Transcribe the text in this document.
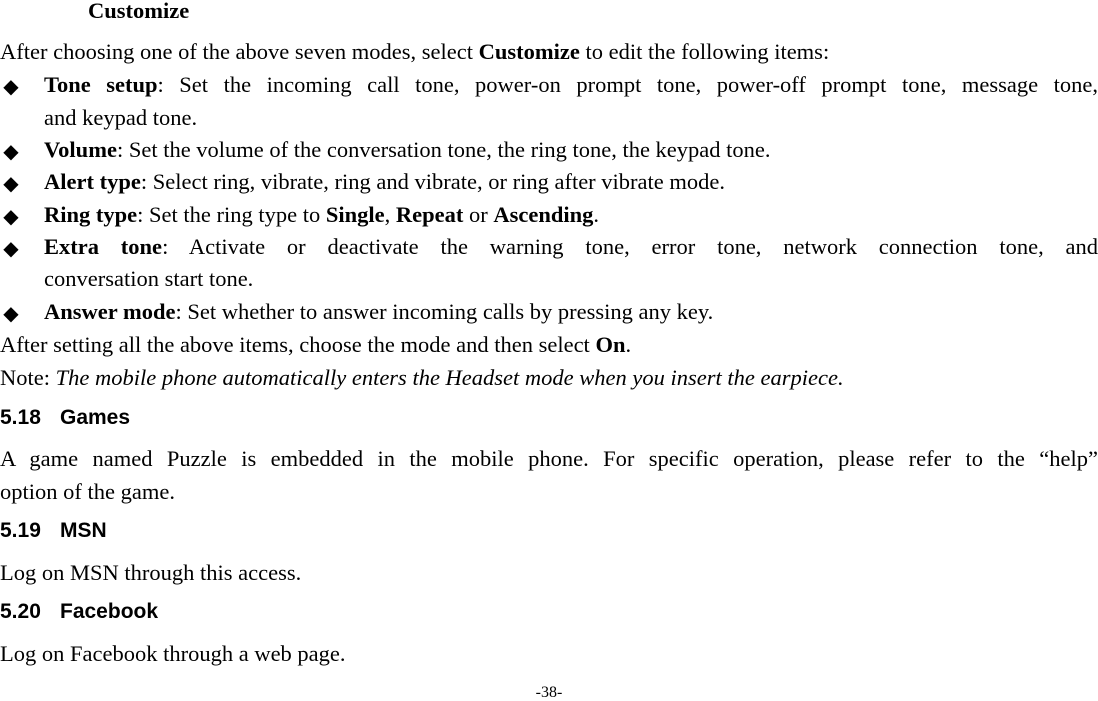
Customize
After choosing one of the above seven modes, select Customize to edit the following items:
◆ Tone setup: Set the incoming call tone, power-on prompt tone, power-off prompt tone, message tone,
and keypad tone.
◆ Volume: Set the volume of the conversation tone, the ring tone, the keypad tone.
◆ Alert type: Select ring, vibrate, ring and vibrate, or ring after vibrate mode.
◆ Ring type: Set the ring type to Single, Repeat or Ascending.
◆ Extra tone: Activate or deactivate the warning tone, error tone, network connection tone, and
conversation start tone.
◆ Answer mode: Set whether to answer incoming calls by pressing any key.
After setting all the above items, choose the mode and then select On.
Note: The mobile phone automatically enters the Headset mode when you insert the earpiece.
5.18 Games
A game named Puzzle is embedded in the mobile phone. For specific operation, please refer to the “help”
option of the game.
5.19 MSN
Log on MSN through this access.
5.20 Facebook
Log on Facebook through a web page.
-38-
